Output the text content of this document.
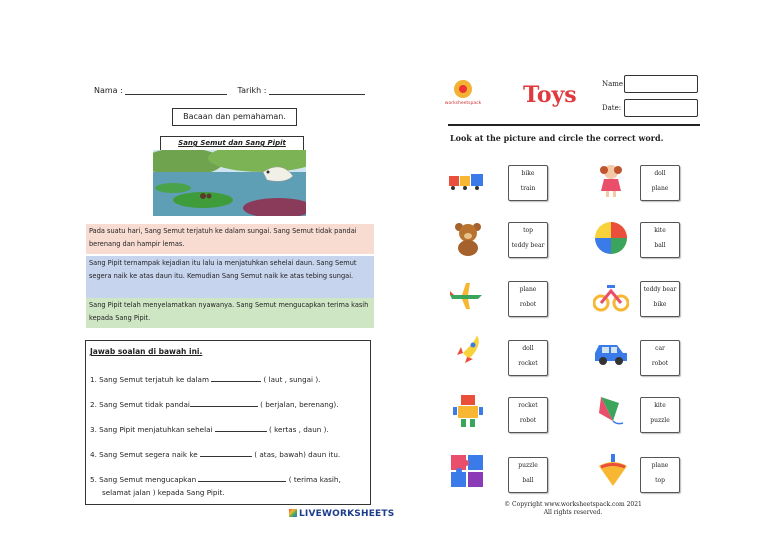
Nama :	Tarikh :
Bacaan dan pemahaman.
Sang Semut dan Sang Pipit
Pada suatu hari, Sang Semut terjatuh ke dalam sungai. Sang Semut tidak pandai berenang dan hampir lemas.
Sang Pipit ternampak kejadian itu lalu ia menjatuhkan sehelai daun. Sang Semut segera naik ke atas daun itu. Kemudian Sang Semut naik ke atas tebing sungai.
Sang Pipit telah menyelamatkan nyawanya. Sang Semut mengucapkan terima kasih kepada Sang Pipit.
Jawab soalan di bawah ini.
1. Sang Semut terjatuh ke dalam	( laut , sungai ).
2. Sang Semut tidak pandai	( berjalan, berenang).
3. Sang Pipit menjatuhkan sehelai	( kertas , daun ).
4. Sang Semut segera naik ke	( atas, bawah) daun itu.
5. Sang Semut mengucapkan	( terima kasih,
selamat jalan ) kepada Sang Pipit.
LIVEWORKSHEETS
worksheetspack Toys	Name:
Date:
Look at the picture and circle the correct word.
bike
train
doll
plane
top
teddy bear
kite
ball
plane
robot
teddy bear
bike
doll
rocket
car
robot
rocket
robot
kite
puzzle
puzzle
ball
plane
top
© Copyright www.worksheetspack.com 2021
All rights reserved.
